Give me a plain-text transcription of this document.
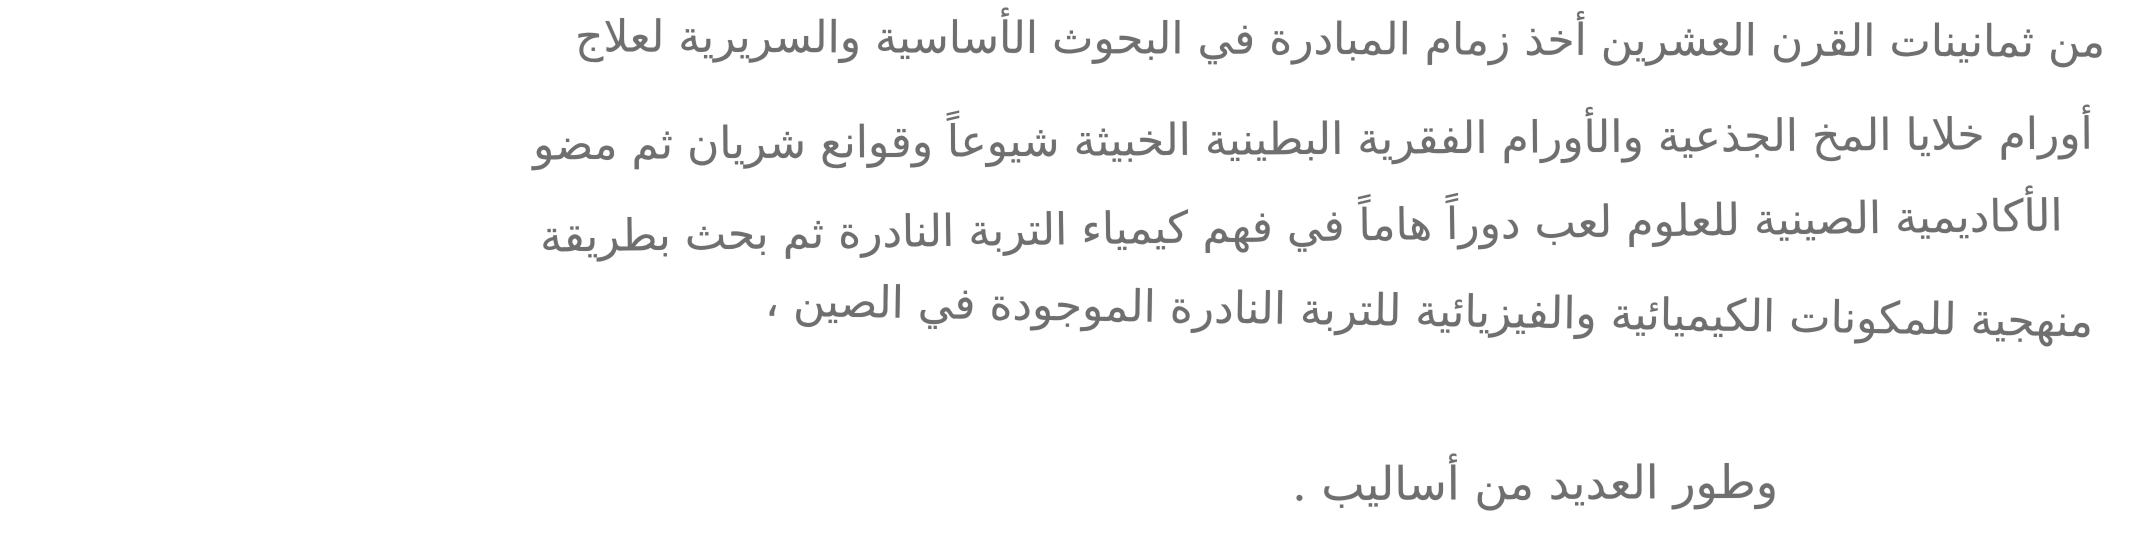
من ثمانينات القرن العشرين أخذ زمام المبادرة في البحوث الأساسية والسريرية لعلاج
أورام خلايا المخ الجذعية والأورام الفقرية البطينية الخبيثة شيوعاً وقوانع شريان ثم مضو
الأكاديمية الصينية للعلوم لعب دوراً هاماً في فهم كيمياء التربة النادرة ثم بحث بطريقة
منهجية للمكونات الكيميائية والفيزيائية للتربة النادرة الموجودة في الصين ،
وطور العديد من أساليب .
